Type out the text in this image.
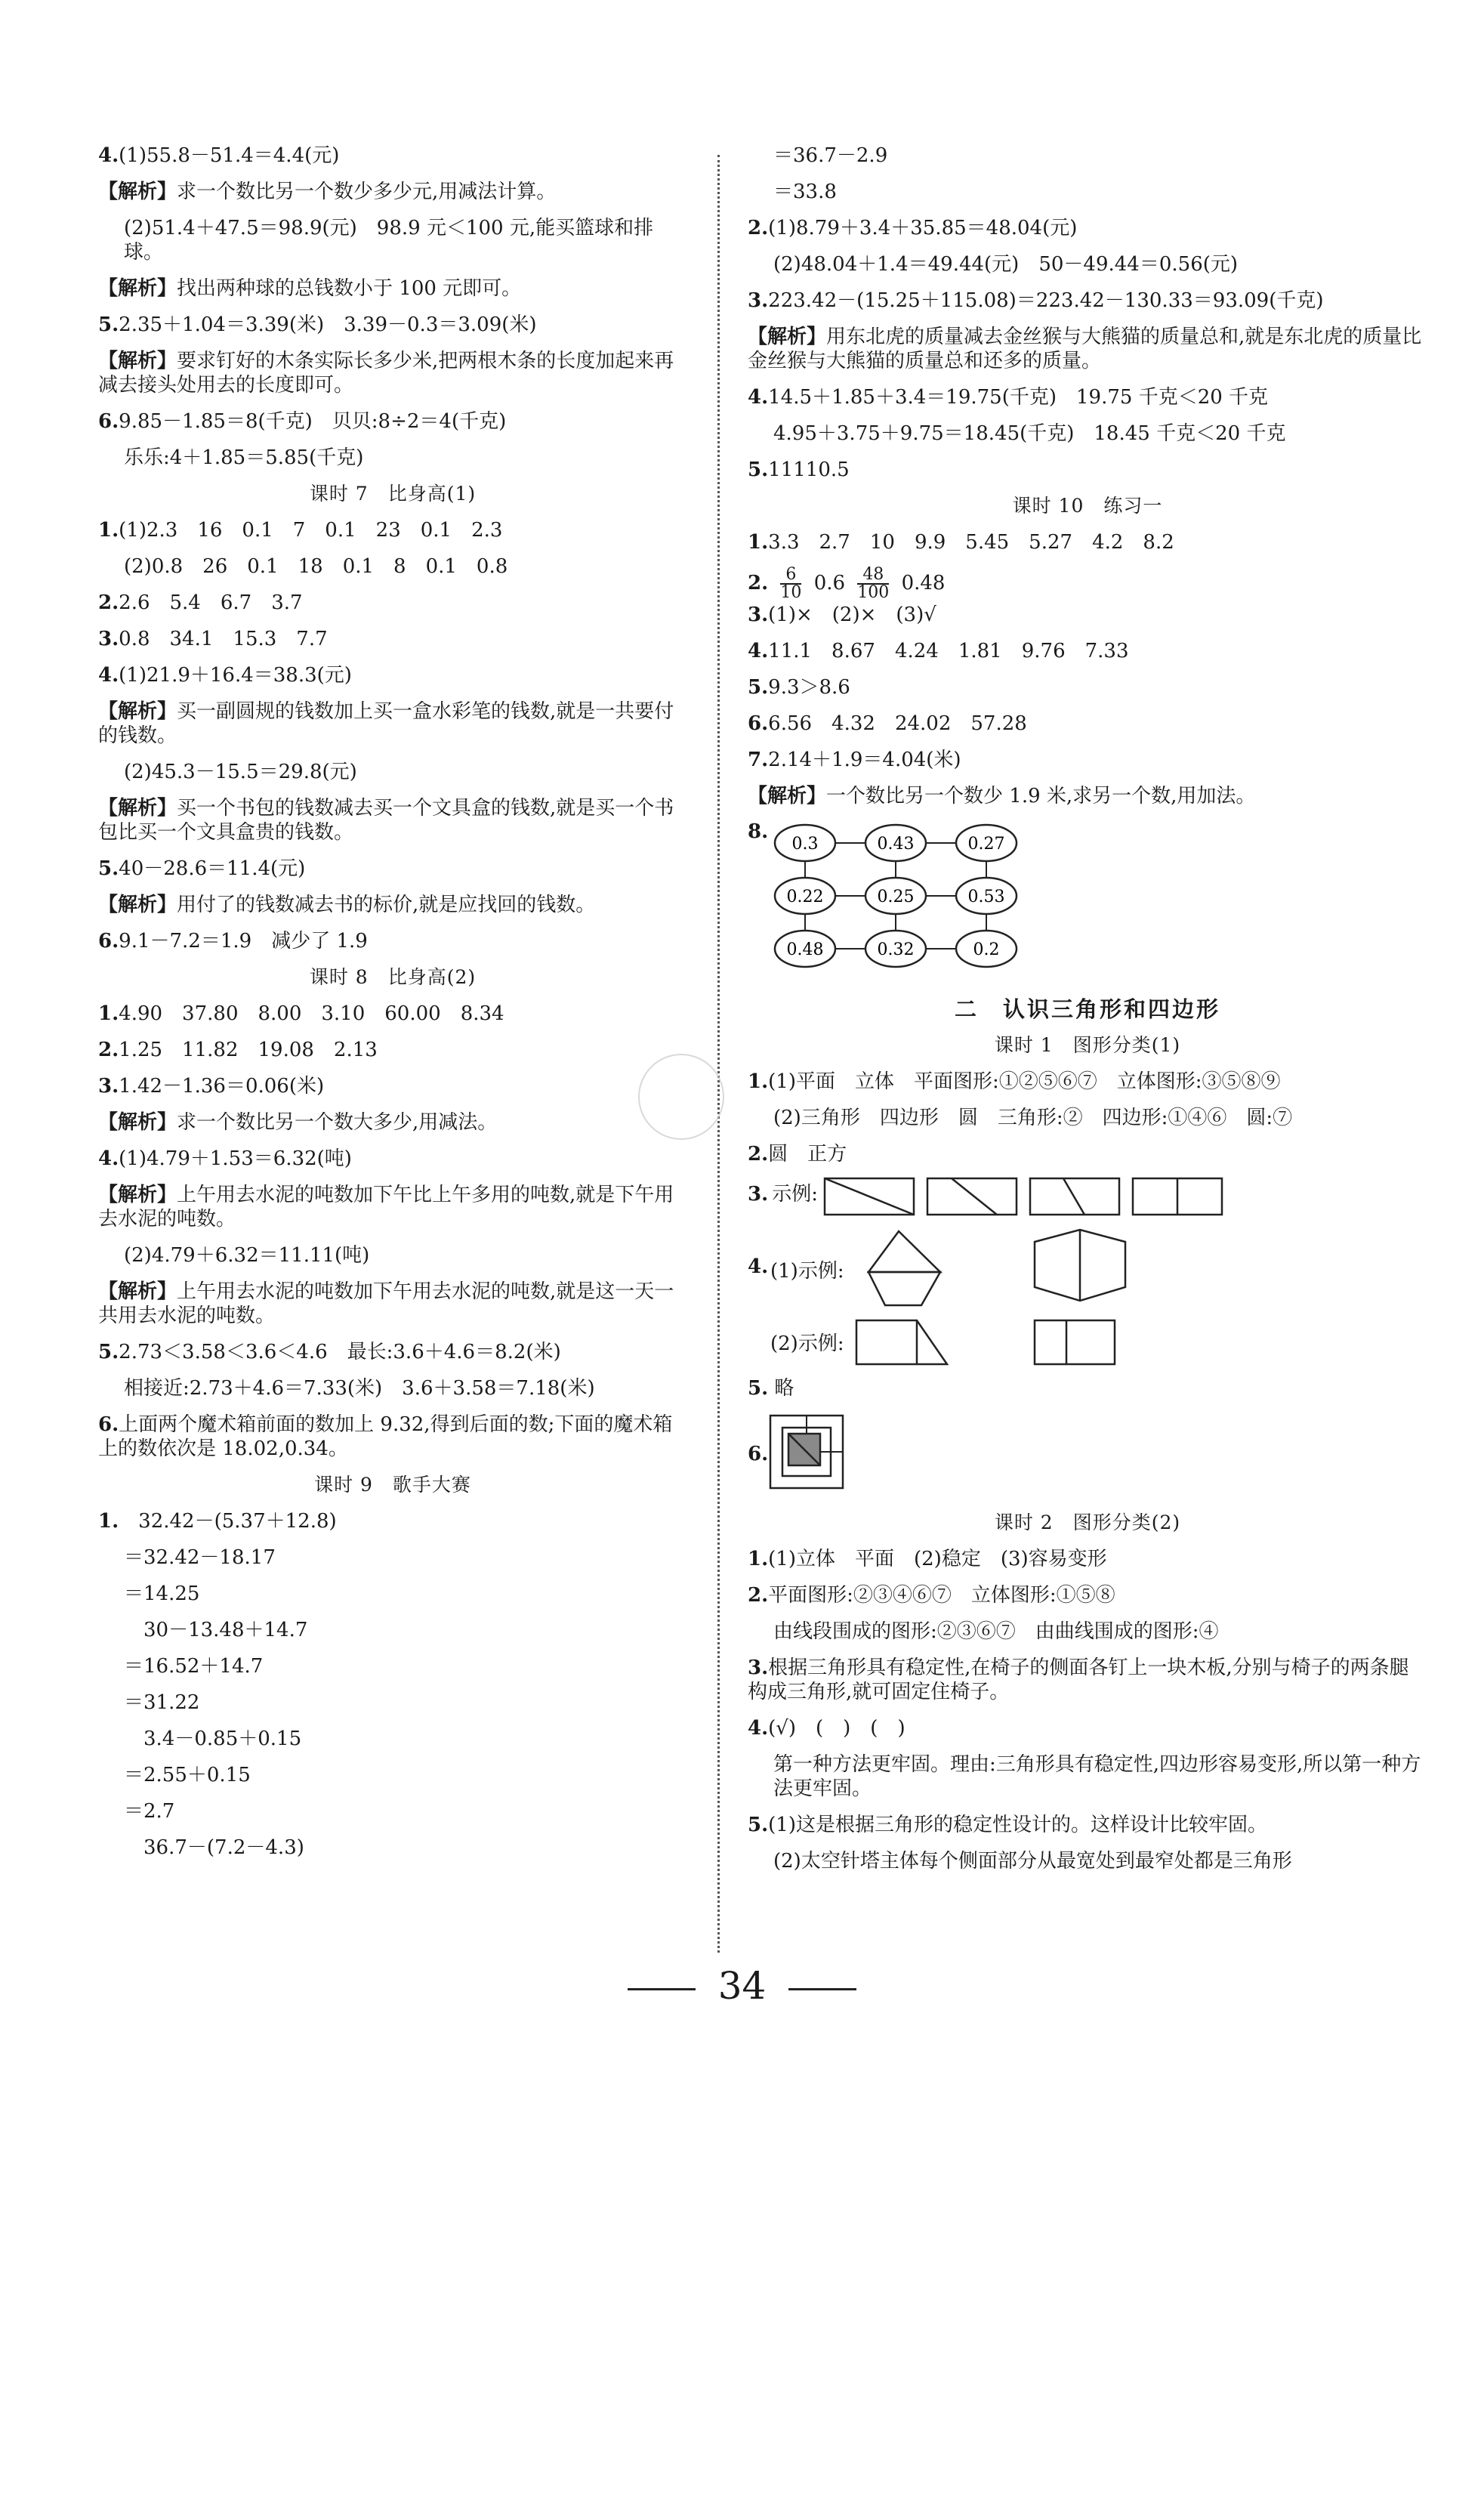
4.(1)55.8－51.4＝4.4(元)
【解析】求一个数比另一个数少多少元,用减法计算。
(2)51.4＋47.5＝98.9(元)　98.9 元＜100 元,能买篮球和排球。
【解析】找出两种球的总钱数小于 100 元即可。
5.2.35＋1.04＝3.39(米)　3.39－0.3＝3.09(米)
【解析】要求钉好的木条实际长多少米,把两根木条的长度加起来再减去接头处用去的长度即可。
6.9.85－1.85＝8(千克)　贝贝:8÷2＝4(千克)
乐乐:4＋1.85＝5.85(千克)
课时 7　比身高(1)
1.(1)2.3　16　0.1　7　0.1　23　0.1　2.3
(2)0.8　26　0.1　18　0.1　8　0.1　0.8
2.2.6　5.4　6.7　3.7
3.0.8　34.1　15.3　7.7
4.(1)21.9＋16.4＝38.3(元)
【解析】买一副圆规的钱数加上买一盒水彩笔的钱数,就是一共要付的钱数。
(2)45.3－15.5＝29.8(元)
【解析】买一个书包的钱数减去买一个文具盒的钱数,就是买一个书包比买一个文具盒贵的钱数。
5.40－28.6＝11.4(元)
【解析】用付了的钱数减去书的标价,就是应找回的钱数。
6.9.1－7.2＝1.9　减少了 1.9
课时 8　比身高(2)
1.4.90　37.80　8.00　3.10　60.00　8.34
2.1.25　11.82　19.08　2.13
3.1.42－1.36＝0.06(米)
【解析】求一个数比另一个数大多少,用减法。
4.(1)4.79＋1.53＝6.32(吨)
【解析】上午用去水泥的吨数加下午比上午多用的吨数,就是下午用去水泥的吨数。
(2)4.79＋6.32＝11.11(吨)
【解析】上午用去水泥的吨数加下午用去水泥的吨数,就是这一天一共用去水泥的吨数。
5.2.73＜3.58＜3.6＜4.6　最长:3.6＋4.6＝8.2(米)
相接近:2.73＋4.6＝7.33(米)　3.6＋3.58＝7.18(米)
6.上面两个魔术箱前面的数加上 9.32,得到后面的数;下面的魔术箱上的数依次是 18.02,0.34。
课时 9　歌手大赛
1.　32.42－(5.37＋12.8)
＝32.42－18.17
＝14.25
　30－13.48＋14.7
＝16.52＋14.7
＝31.22
　3.4－0.85＋0.15
＝2.55＋0.15
＝2.7
　36.7－(7.2－4.3)
＝36.7－2.9
＝33.8
2.(1)8.79＋3.4＋35.85＝48.04(元)
(2)48.04＋1.4＝49.44(元)　50－49.44＝0.56(元)
3.223.42－(15.25＋115.08)＝223.42－130.33＝93.09(千克)
【解析】用东北虎的质量减去金丝猴与大熊猫的质量总和,就是东北虎的质量比金丝猴与大熊猫的质量总和还多的质量。
4.14.5＋1.85＋3.4＝19.75(千克)　19.75 千克＜20 千克
4.95＋3.75＋9.75＝18.45(千克)　18.45 千克＜20 千克
5.11110.5
课时 10　练习一
1.3.3　2.7　10　9.9　5.45　5.27　4.2　8.2
2. $\frac{6}{10} 0.6 \frac{48}{100} 0.48$
3.(1)×　(2)×　(3)√
4.11.1　8.67　4.24　1.81　9.76　7.33
5.9.3＞8.6
6.6.56　4.32　24.02　57.28
7.2.14＋1.9＝4.04(米)
【解析】一个数比另一个数少 1.9 米,求另一个数,用加法。
8.
0.3	0.43	0.27
0.22	0.25	0.53
0.48	0.32	0.2
二　认识三角形和四边形
课时 1　图形分类(1)
1.(1)平面　立体　平面图形:①②⑤⑥⑦　立体图形:③⑤⑧⑨
(2)三角形　四边形　圆　三角形:②　四边形:①④⑥　圆:⑦
2.圆　正方
3. 示例:
4. (1)示例:
(2)示例:
5. 略
6.
课时 2　图形分类(2)
1.(1)立体　平面　(2)稳定　(3)容易变形
2.平面图形:②③④⑥⑦　立体图形:①⑤⑧
由线段围成的图形:②③⑥⑦　由曲线围成的图形:④
3.根据三角形具有稳定性,在椅子的侧面各钉上一块木板,分别与椅子的两条腿构成三角形,就可固定住椅子。
4.(√)　(　)　(　)
第一种方法更牢固。理由:三角形具有稳定性,四边形容易变形,所以第一种方法更牢固。
5.(1)这是根据三角形的稳定性设计的。这样设计比较牢固。
(2)太空针塔主体每个侧面部分从最宽处到最窄处都是三角形
34
